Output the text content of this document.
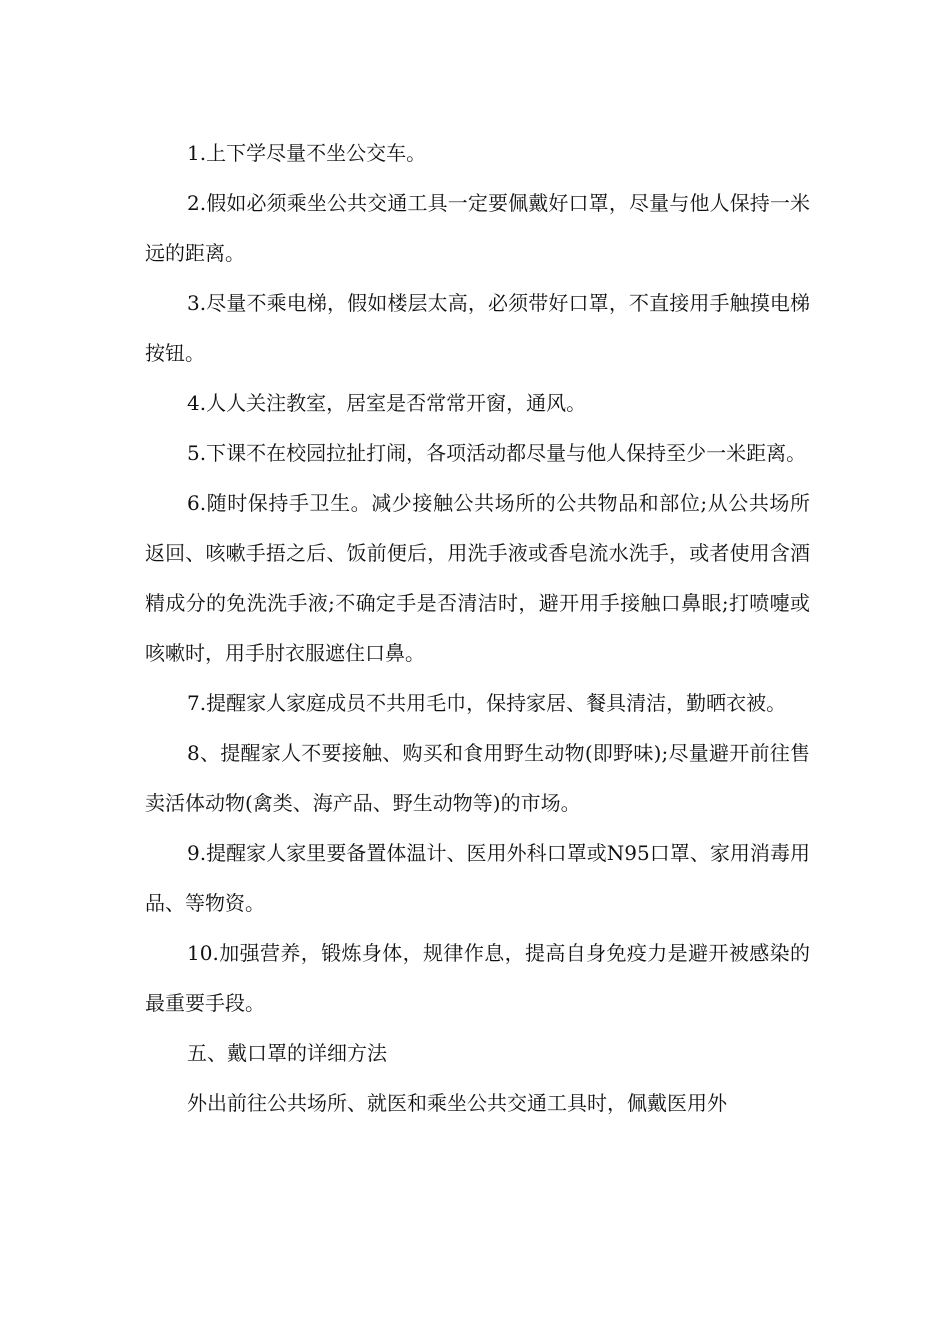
1.上下学尽量不坐公交车。

2.假如必须乘坐公共交通工具一定要佩戴好口罩，尽量与他人保持一米远的距离。

3.尽量不乘电梯，假如楼层太高，必须带好口罩，不直接用手触摸电梯按钮。

4.人人关注教室，居室是否常常开窗，通风。

5.下课不在校园拉扯打闹，各项活动都尽量与他人保持至少一米距离。

6.随时保持手卫生。减少接触公共场所的公共物品和部位;从公共场所返回、咳嗽手捂之后、饭前便后，用洗手液或香皂流水洗手，或者使用含酒精成分的免洗洗手液;不确定手是否清洁时，避开用手接触口鼻眼;打喷嚏或咳嗽时，用手肘衣服遮住口鼻。

7.提醒家人家庭成员不共用毛巾，保持家居、餐具清洁，勤晒衣被。

8、提醒家人不要接触、购买和食用野生动物(即野味);尽量避开前往售卖活体动物(禽类、海产品、野生动物等)的市场。

9.提醒家人家里要备置体温计、医用外科口罩或N95口罩、家用消毒用品、等物资。

10.加强营养，锻炼身体，规律作息，提高自身免疫力是避开被感染的最重要手段。

五、戴口罩的详细方法

外出前往公共场所、就医和乘坐公共交通工具时，佩戴医用外
